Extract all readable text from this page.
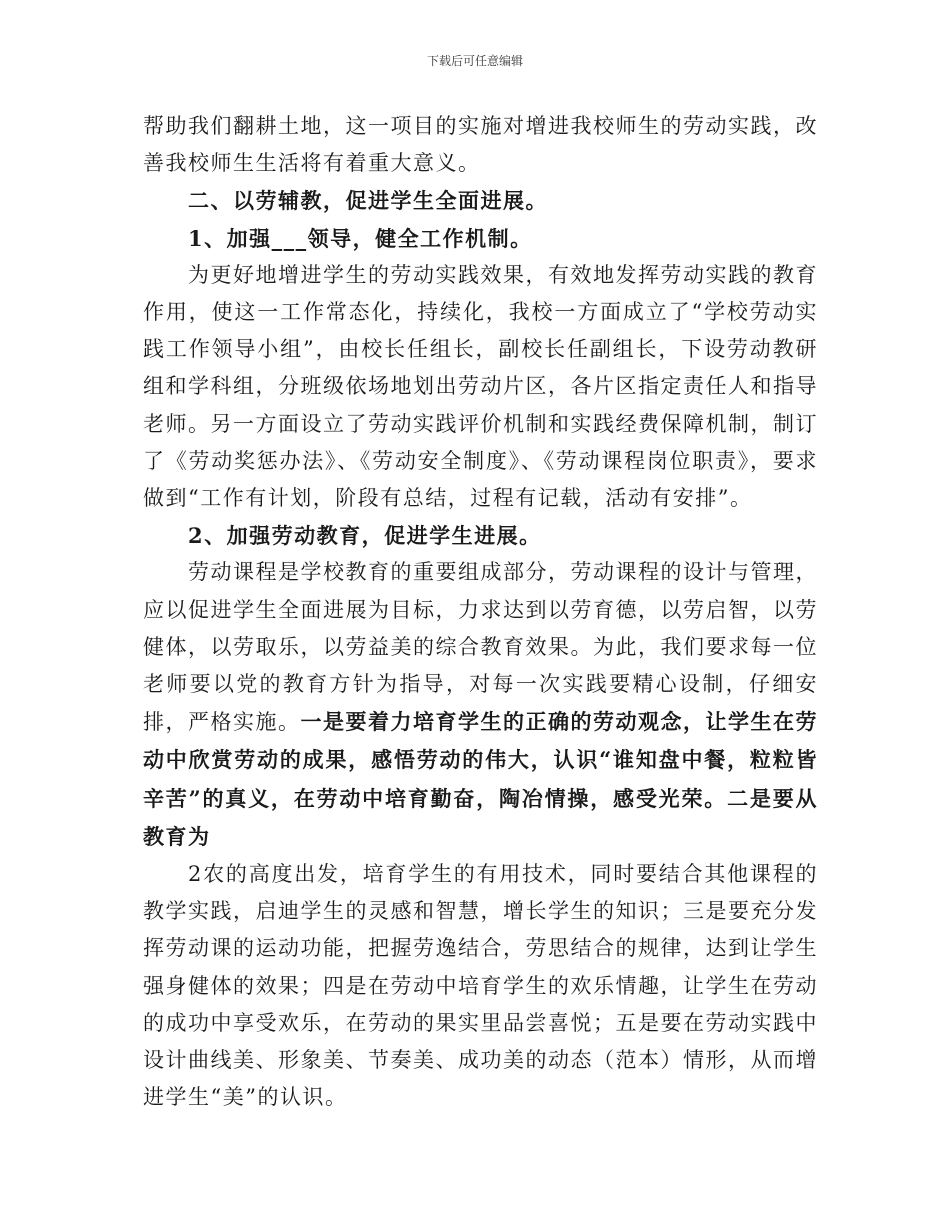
下载后可任意编辑

帮助我们翻耕土地，这一项目的实施对增进我校师生的劳动实践，改善我校师生生活将有着重大意义。

二、以劳辅教，促进学生全面进展。

1、加强___领导，健全工作机制。

为更好地增进学生的劳动实践效果，有效地发挥劳动实践的教育作用，使这一工作常态化，持续化，我校一方面成立了“学校劳动实践工作领导小组”，由校长任组长，副校长任副组长，下设劳动教研组和学科组，分班级依场地划出劳动片区，各片区指定责任人和指导老师。另一方面设立了劳动实践评价机制和实践经费保障机制，制订了《劳动奖惩办法》、《劳动安全制度》、《劳动课程岗位职责》，要求做到“工作有计划，阶段有总结，过程有记载，活动有安排”。

2、加强劳动教育，促进学生进展。

劳动课程是学校教育的重要组成部分，劳动课程的设计与管理，应以促进学生全面进展为目标，力求达到以劳育德，以劳启智，以劳健体，以劳取乐，以劳益美的综合教育效果。为此，我们要求每一位老师要以党的教育方针为指导，对每一次实践要精心设制，仔细安排，严格实施。一是要着力培育学生的正确的劳动观念，让学生在劳动中欣赏劳动的成果，感悟劳动的伟大，认识“谁知盘中餐，粒粒皆辛苦”的真义，在劳动中培育勤奋，陶冶情操，感受光荣。二是要从教育为

2农的高度出发，培育学生的有用技术，同时要结合其他课程的教学实践，启迪学生的灵感和智慧，增长学生的知识；三是要充分发挥劳动课的运动功能，把握劳逸结合，劳思结合的规律，达到让学生强身健体的效果；四是在劳动中培育学生的欢乐情趣，让学生在劳动的成功中享受欢乐，在劳动的果实里品尝喜悦；五是要在劳动实践中设计曲线美、形象美、节奏美、成功美的动态（范本）情形，从而增进学生“美”的认识。
